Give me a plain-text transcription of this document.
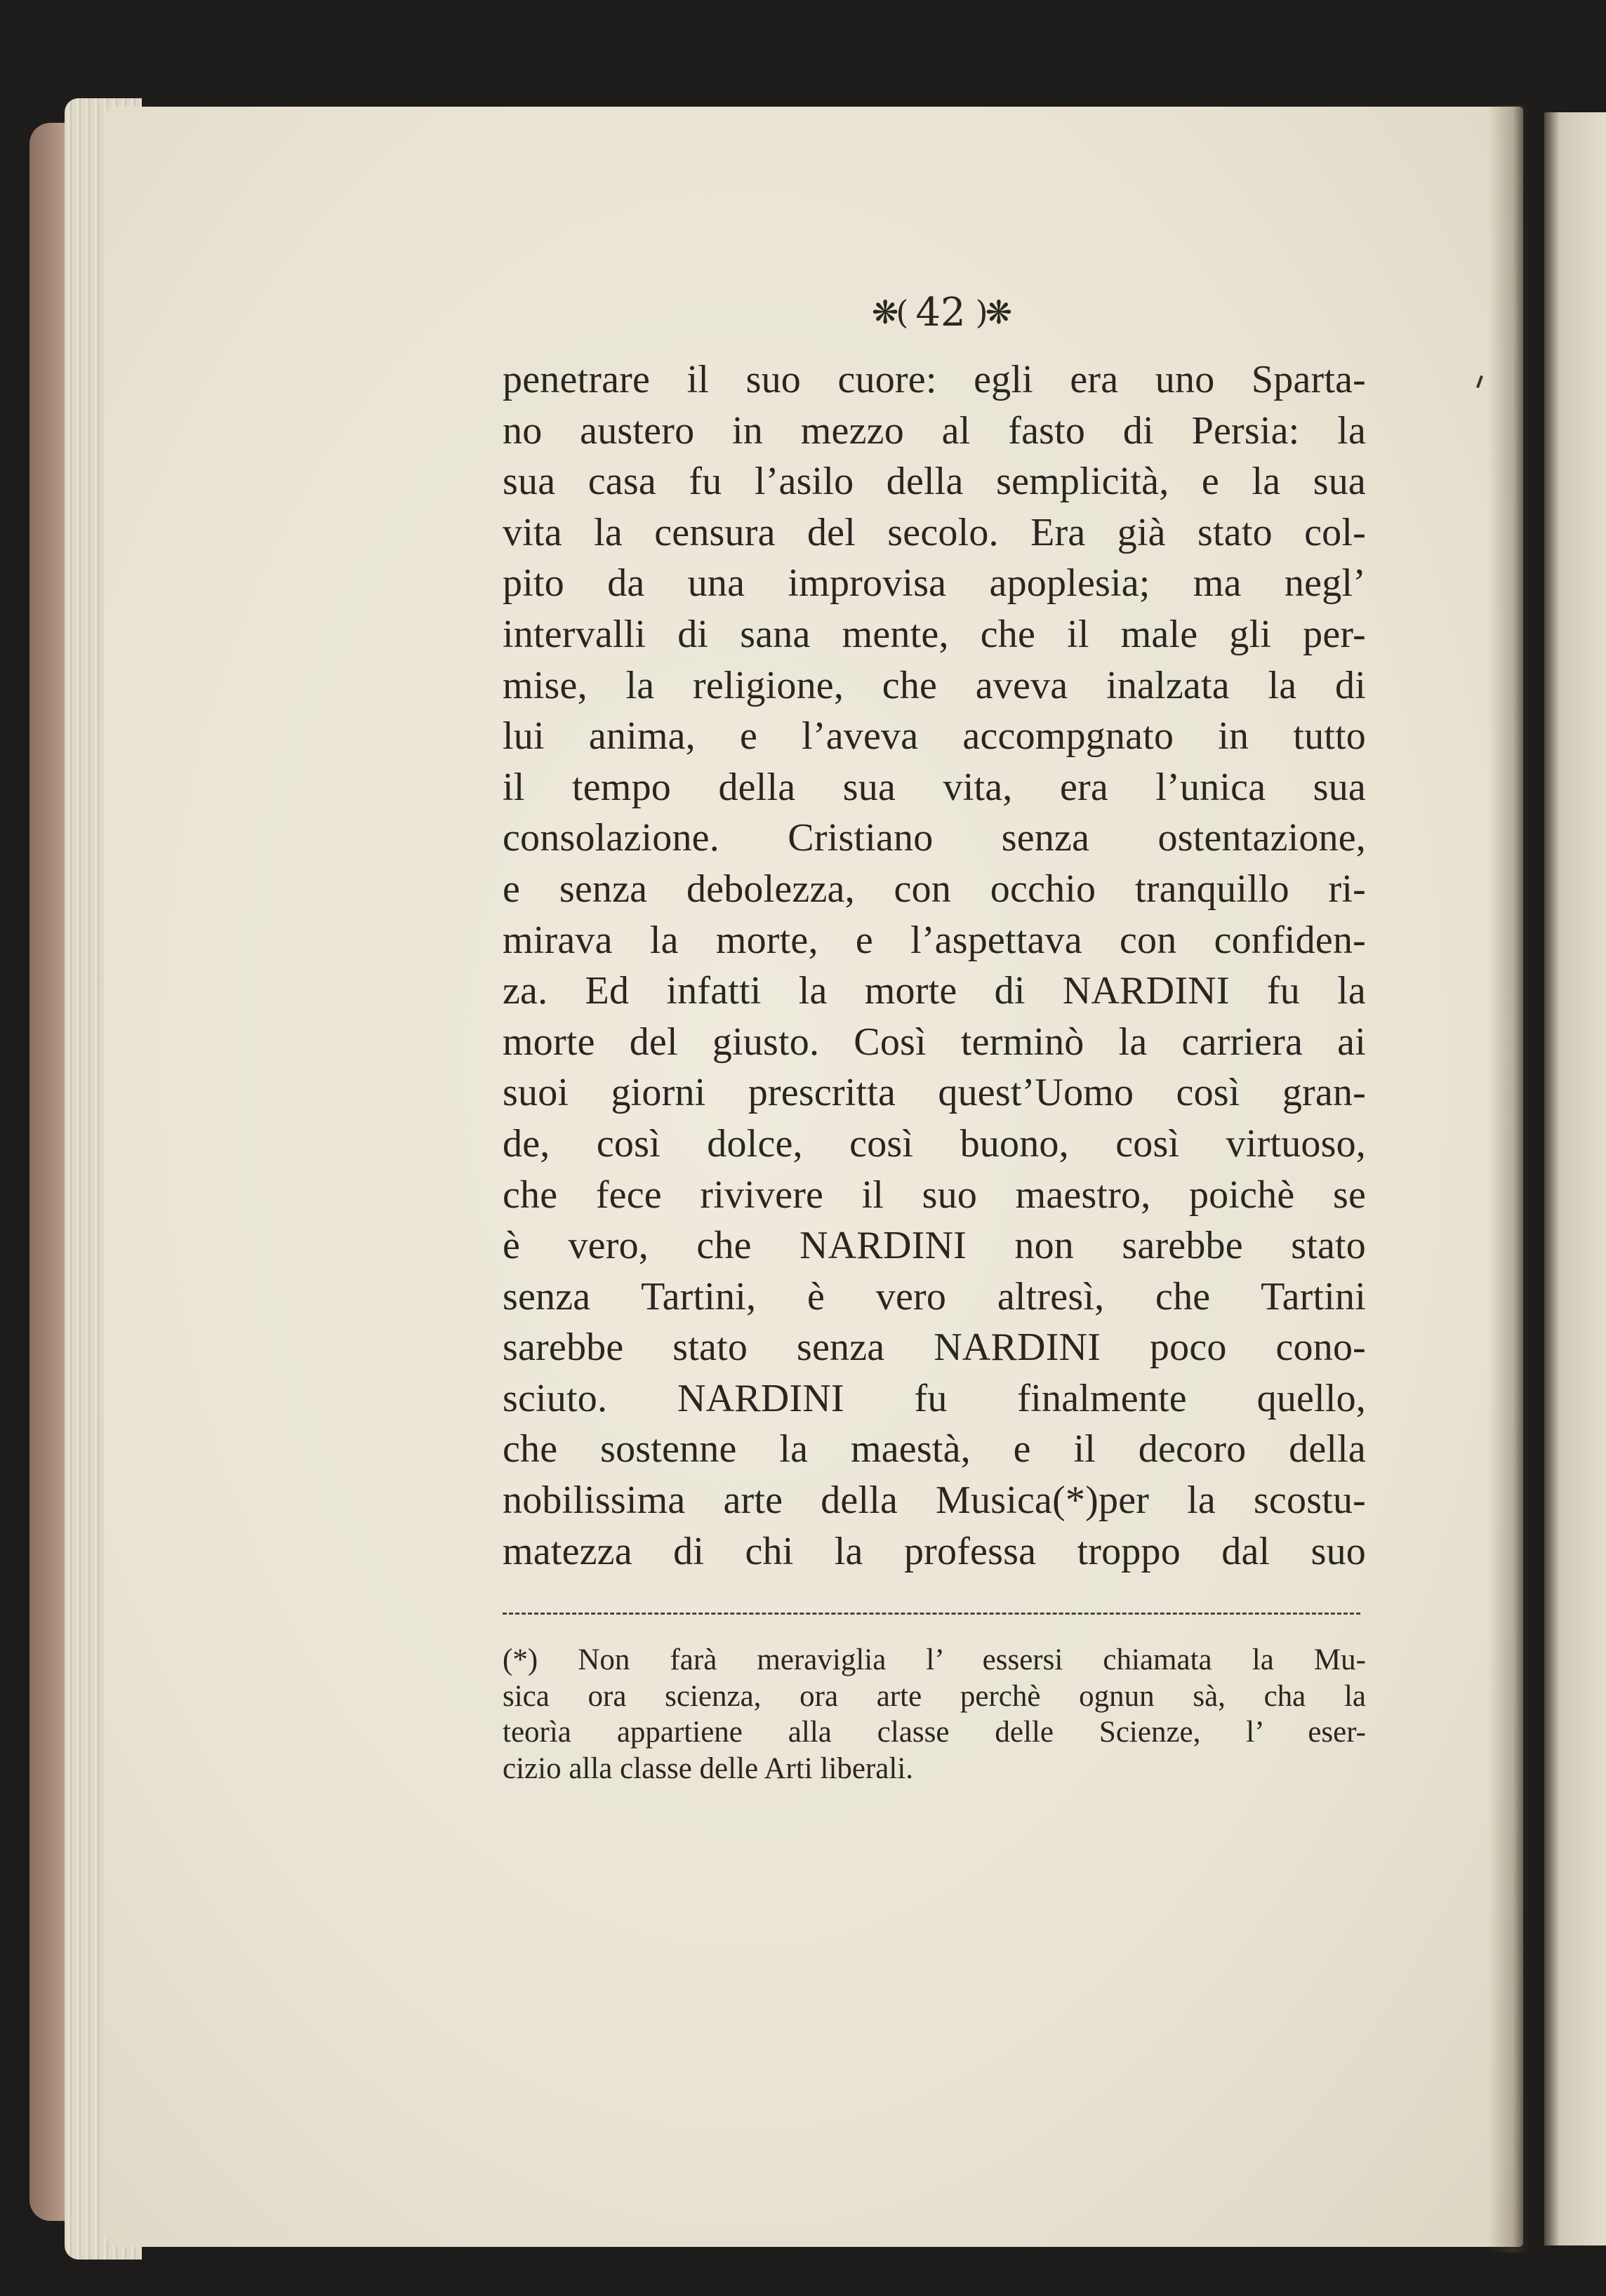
❋( 42 )❋
penetrare il suo cuore: egli era uno Sparta-
no austero in mezzo al fasto di Persia: la
sua casa fu l’asilo della semplicità, e la sua
vita la censura del secolo. Era già stato col-
pito da una improvisa apoplesia; ma negl’
intervalli di sana mente, che il male gli per-
mise, la religione, che aveva inalzata la di
lui anima, e l’aveva accompgnato in tutto
il tempo della sua vita, era l’unica sua
consolazione. Cristiano senza ostentazione,
e senza debolezza, con occhio tranquillo ri-
mirava la morte, e l’aspettava con confiden-
za. Ed infatti la morte di NARDINI fu la
morte del giusto. Così terminò la carriera ai
suoi giorni prescritta quest’Uomo così gran-
de, così dolce, così buono, così virtuoso,
che fece rivivere il suo maestro, poichè se
è vero, che NARDINI non sarebbe stato
senza Tartini, è vero altresì, che Tartini
sarebbe stato senza NARDINI poco cono-
sciuto. NARDINI fu finalmente quello,
che sostenne la maestà, e il decoro della
nobilissima arte della Musica(*)per la scostu-
matezza di chi la professa troppo dal suo
(*) Non farà meraviglia l’ essersi chiamata la Mu-
sica ora scienza, ora arte perchè ognun sà, cha la
teorìa appartiene alla classe delle Scienze, l’ eser-
cizio alla classe delle Arti liberali.
